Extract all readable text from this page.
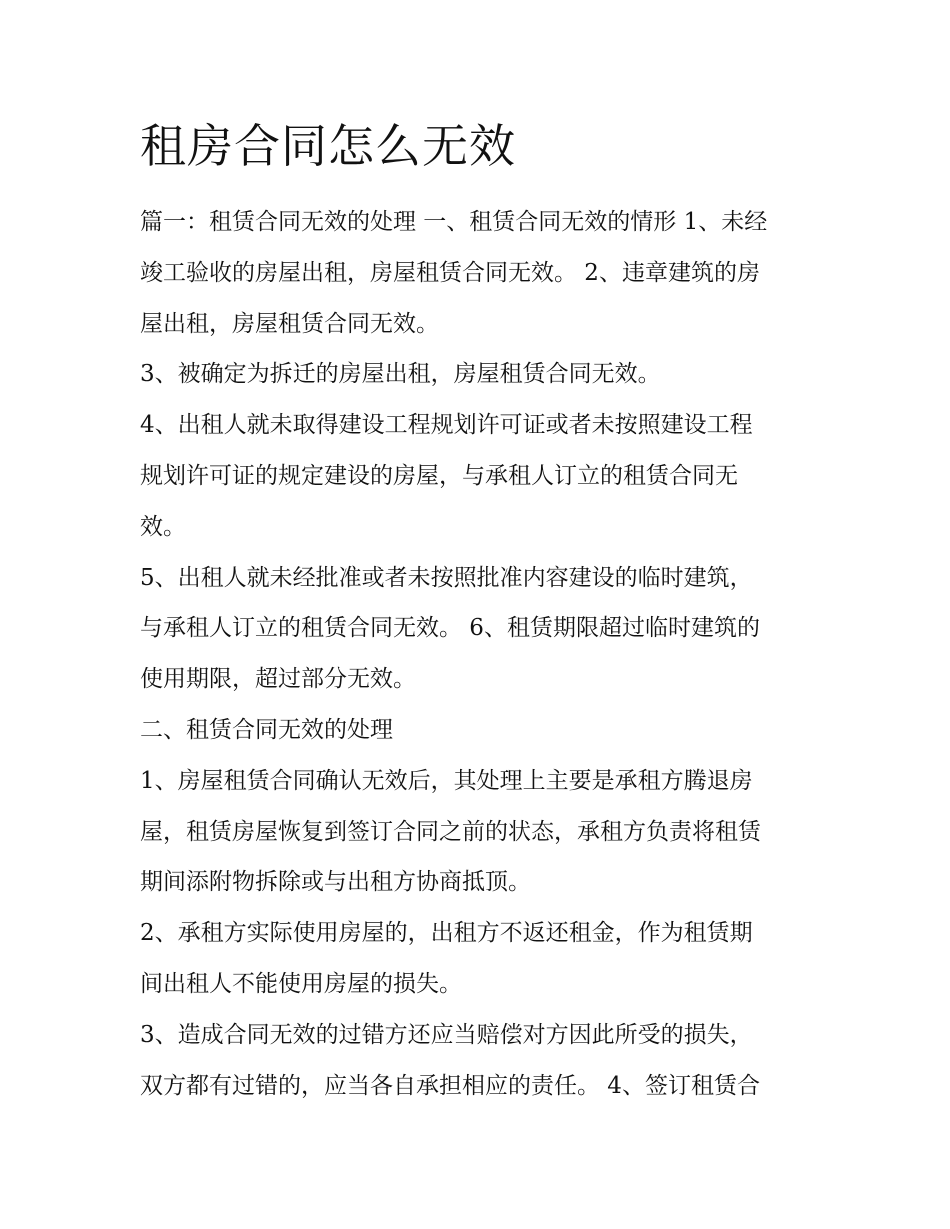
租房合同怎么无效

篇一：租赁合同无效的处理 一、租赁合同无效的情形 1、未经

竣工验收的房屋出租，房屋租赁合同无效。 2、违章建筑的房

屋出租，房屋租赁合同无效。

3、被确定为拆迁的房屋出租，房屋租赁合同无效。

4、出租人就未取得建设工程规划许可证或者未按照建设工程

规划许可证的规定建设的房屋，与承租人订立的租赁合同无

效。

5、出租人就未经批准或者未按照批准内容建设的临时建筑，

与承租人订立的租赁合同无效。 6、租赁期限超过临时建筑的

使用期限，超过部分无效。

二、租赁合同无效的处理

1、房屋租赁合同确认无效后，其处理上主要是承租方腾退房

屋，租赁房屋恢复到签订合同之前的状态，承租方负责将租赁

期间添附物拆除或与出租方协商抵顶。

2、承租方实际使用房屋的，出租方不返还租金，作为租赁期

间出租人不能使用房屋的损失。

3、造成合同无效的过错方还应当赔偿对方因此所受的损失，

双方都有过错的，应当各自承担相应的责任。 4、签订租赁合
